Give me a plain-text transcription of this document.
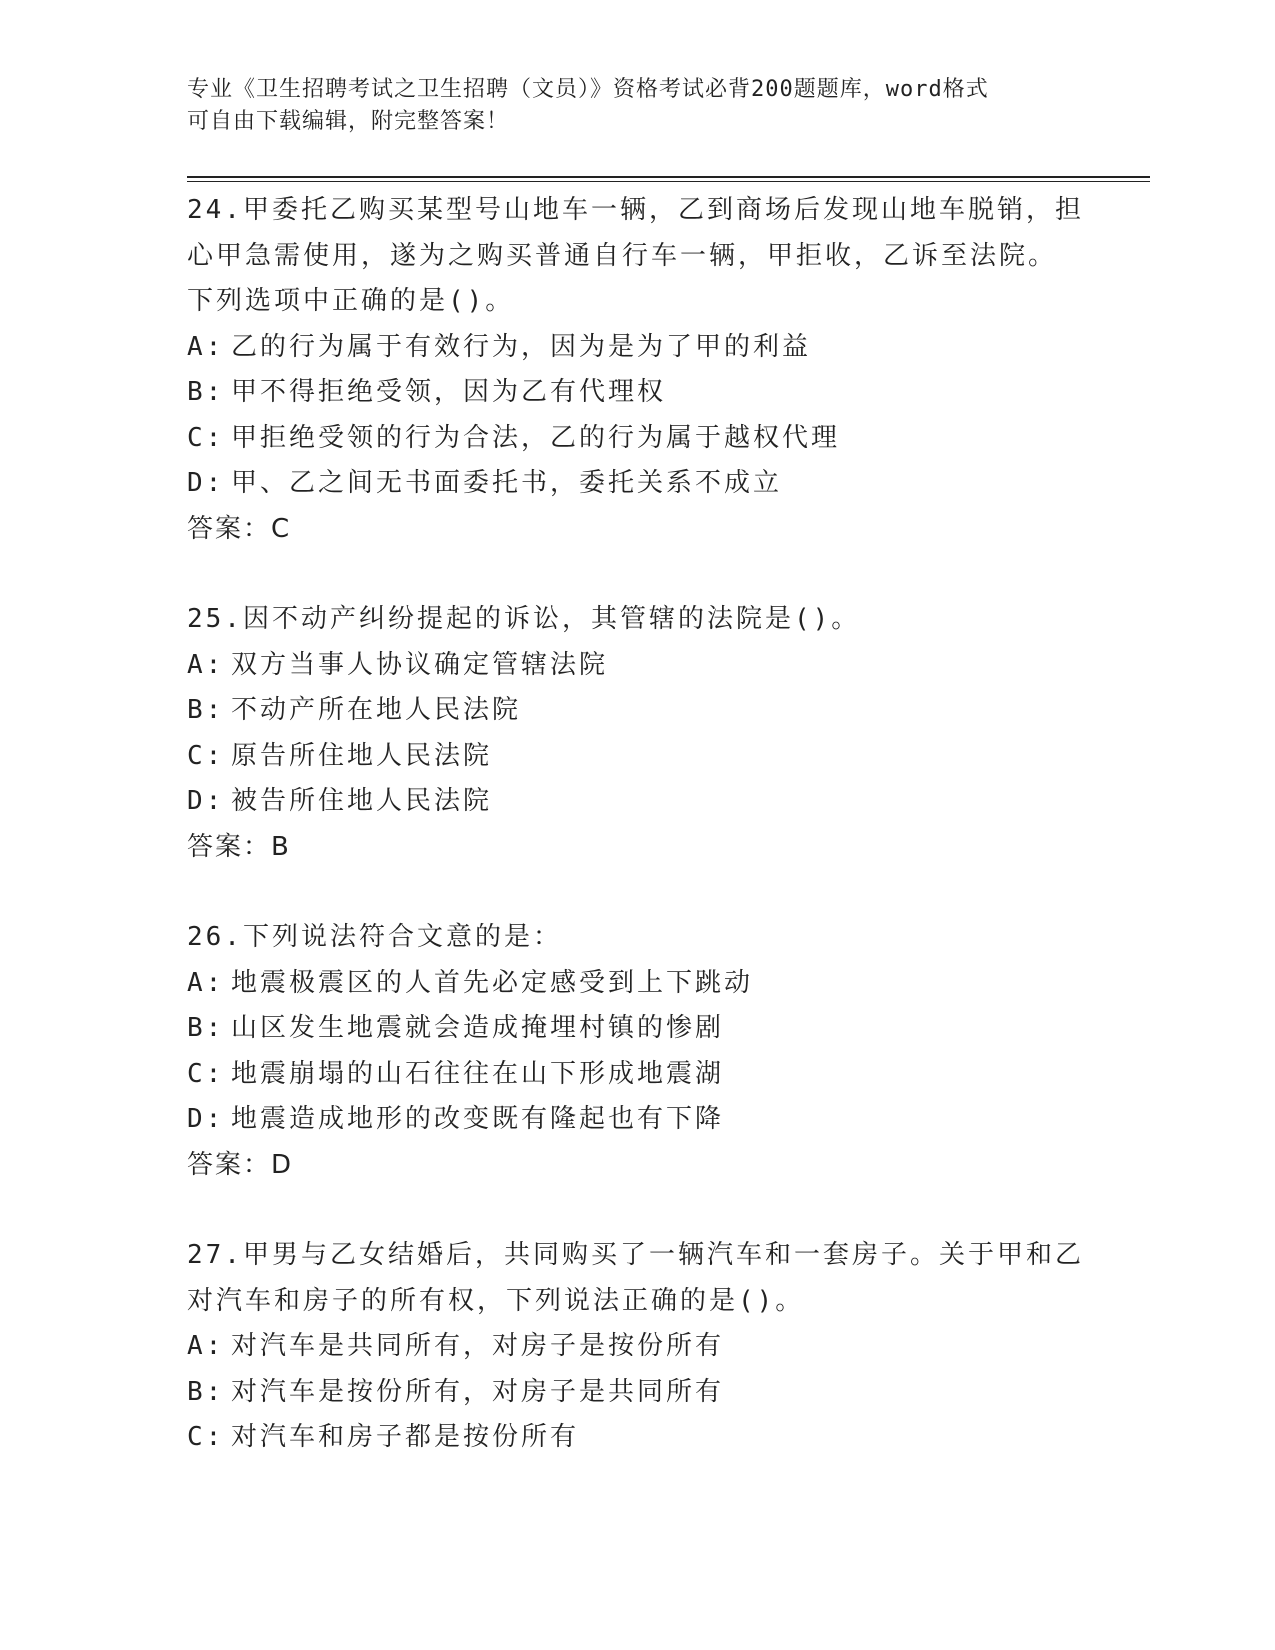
专业《卫生招聘考试之卫生招聘（文员）》资格考试必背200题题库，word格式
可自由下载编辑，附完整答案！
24.甲委托乙购买某型号山地车一辆，乙到商场后发现山地车脱销，担
心甲急需使用，遂为之购买普通自行车一辆，甲拒收，乙诉至法院。
下列选项中正确的是()。
A: 乙的行为属于有效行为，因为是为了甲的利益
B: 甲不得拒绝受领，因为乙有代理权
C: 甲拒绝受领的行为合法，乙的行为属于越权代理
D: 甲、乙之间无书面委托书，委托关系不成立
答案：C
25.因不动产纠纷提起的诉讼，其管辖的法院是()。
A: 双方当事人协议确定管辖法院
B: 不动产所在地人民法院
C: 原告所住地人民法院
D: 被告所住地人民法院
答案：B
26.下列说法符合文意的是：
A: 地震极震区的人首先必定感受到上下跳动
B: 山区发生地震就会造成掩埋村镇的惨剧
C: 地震崩塌的山石往往在山下形成地震湖
D: 地震造成地形的改变既有隆起也有下降
答案：D
27.甲男与乙女结婚后，共同购买了一辆汽车和一套房子。关于甲和乙
对汽车和房子的所有权，下列说法正确的是()。
A: 对汽车是共同所有，对房子是按份所有
B: 对汽车是按份所有，对房子是共同所有
C: 对汽车和房子都是按份所有
